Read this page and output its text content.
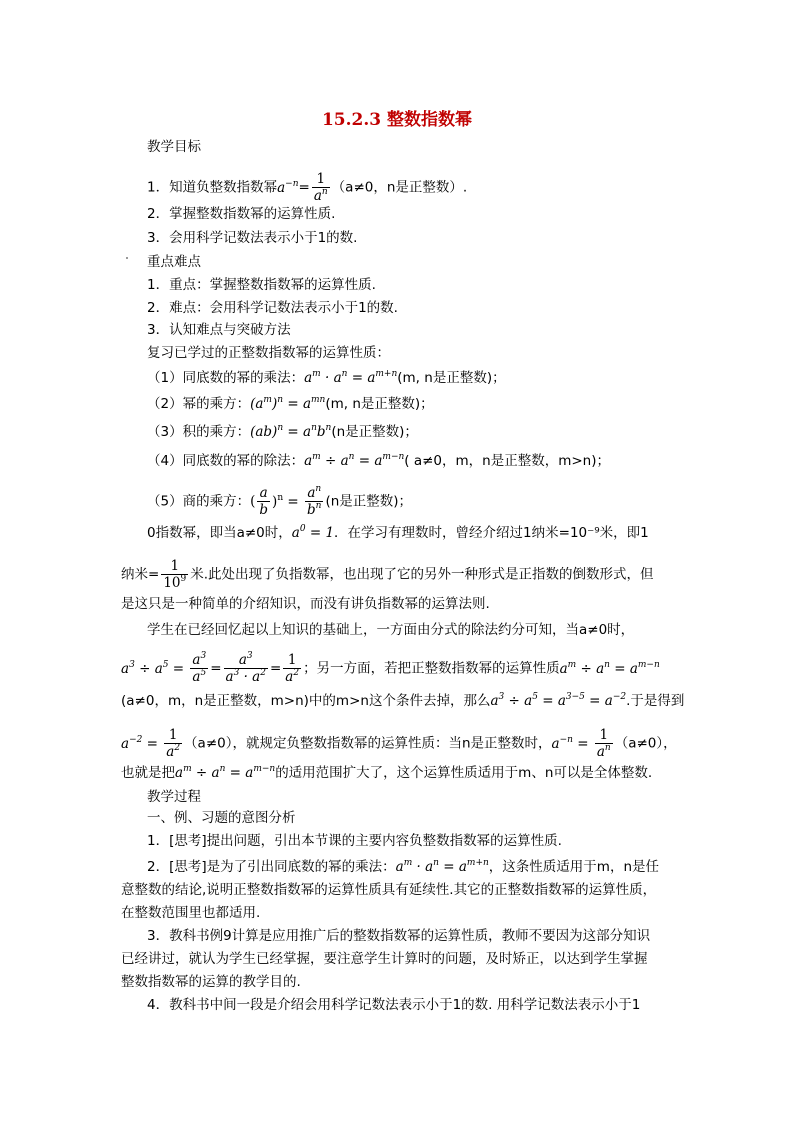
15.2.3 整数指数幂
教学目标
1．知道负整数指数幂$a^{-n}= \frac{1}{a^n} (a\ne 0$，n是正整数）.
2．掌握整数指数幂的运算性质.
3．会用科学记数法表示小于1的数.
重点难点
1．重点：掌握整数指数幂的运算性质.
2．难点：会用科学记数法表示小于1的数.
3．认知难点与突破方法
复习已学过的正整数指数幂的运算性质：
（1）同底数的幂的乘法：$a^m \cdot a^n = a^{m+n}(m$, n是正整数)；
（2）幂的乘方：$(a^m)^n = a^{mn}(m$, n是正整数)；
（3）积的乘方：$(ab)^n = a^nb^n(n$是正整数)；
（4）同底数的幂的除法：$a^m \div a^n = a^{m-n}$( a≠0，m，n是正整数，m>n)；
（5）商的乘方：( $\frac{a}{b} )^n = \frac{a^n}{b^n} (n$是正整数)；
0指数幂，即当a≠0时，$a^0 = 1$．在学习有理数时，曾经介绍过1纳米=10⁻⁹米，即1
纳米= $\frac{1}{10^9}$ 米.此处出现了负指数幂，也出现了它的另外一种形式是正指数的倒数形式，但
是这只是一种简单的介绍知识，而没有讲负指数幂的运算法则.
学生在已经回忆起以上知识的基础上，一方面由分式的除法约分可知，当a≠0时，
$a^3 \div a^5 = \frac{a^3}{a^5} = \frac{a^3}{a^3 \cdot a^2} = \frac{1}{a^2}$ ；另一方面，若把正整数指数幂的运算性质$a^m \div a^n = a^{m-n}$
(a≠0，m，n是正整数，m>n)中的m>n这个条件去掉，那么$a^3 \div a^5 = a^{3-5} = a^{-2}$.于是得到
$a^{-2} = \frac{1}{a^2} (a\ne 0)$，就规定负整数指数幂的运算性质：当n是正整数时，$a^{-n} = \frac{1}{a^n} (a\ne 0)$，
也就是把$a^m \div a^n = a^{m-n}$的适用范围扩大了，这个运算性质适用于m、n可以是全体整数.
教学过程
一、例、习题的意图分析
1．[思考]提出问题，引出本节课的主要内容负整数指数幂的运算性质.
2．[思考]是为了引出同底数的幂的乘法：$a^m \cdot a^n = a^{m+n}$，这条性质适用于m，n是任
意整数的结论,说明正整数指数幂的运算性质具有延续性.其它的正整数指数幂的运算性质，
在整数范围里也都适用.
3．教科书例9计算是应用推广后的整数指数幂的运算性质，教师不要因为这部分知识
已经讲过，就认为学生已经掌握，要注意学生计算时的问题，及时矫正，以达到学生掌握
整数指数幂的运算的教学目的.
4．教科书中间一段是介绍会用科学记数法表示小于1的数. 用科学记数法表示小于1
